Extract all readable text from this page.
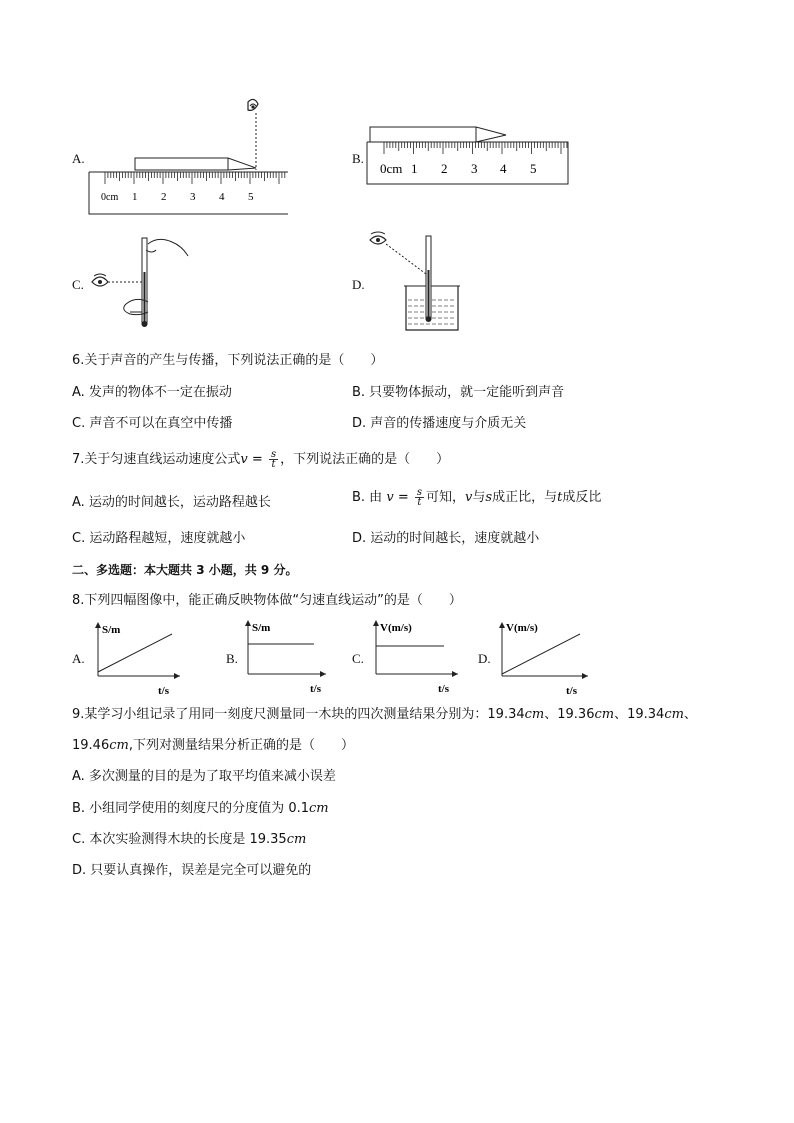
A.
0cm 1 2 3 4 5
B.
0cm 1 2 3 4 5
C.	D.
6.关于声音的产生与传播，下列说法正确的是（　　）
A. 发声的物体不一定在振动	B. 只要物体振动，就一定能听到声音
C. 声音不可以在真空中传播	D. 声音的传播速度与介质无关
7.关于匀速直线运动速度公式$v = \frac{s}{t}$ ，下列说法正确的是（　　）
A. 运动的时间越长，运动路程越长	B. 由 $v = \frac{s}{t}$ 可知，v与s成正比，与t成反比
C. 运动路程越短，速度就越小	D. 运动的时间越长，速度就越小
二、多选题：本大题共 3 小题，共 9 分。
8.下列四幅图像中，能正确反映物体做“匀速直线运动”的是（　　）
A.
S/m
t/s
B.
S/m
t/s
C.
V(m/s)
t/s
D.
V(m/s)
t/s
9.某学习小组记录了用同一刻度尺测量同一木块的四次测量结果分别为：19.34cm、19.36cm、19.34cm、
19.46cm,下列对测量结果分析正确的是（　　）
A. 多次测量的目的是为了取平均值来减小误差
B. 小组同学使用的刻度尺的分度值为 0.1cm
C. 本次实验测得木块的长度是 19.35cm
D. 只要认真操作，误差是完全可以避免的
